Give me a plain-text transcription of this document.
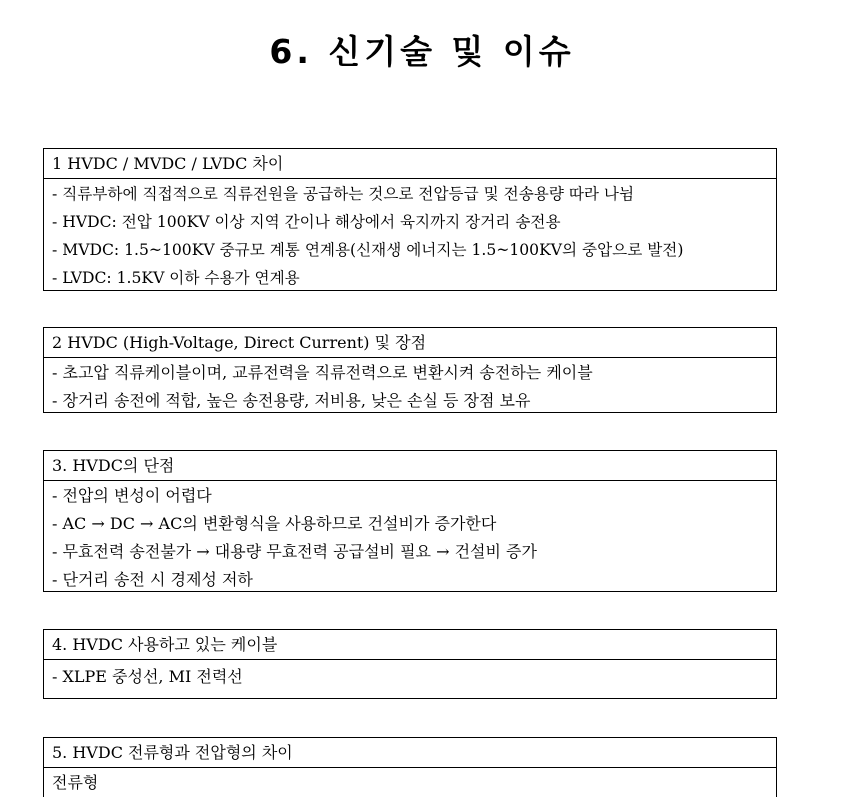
6. 신기술 및 이슈
1 HVDC / MVDC / LVDC 차이
- 직류부하에 직접적으로 직류전원을 공급하는 것으로 전압등급 및 전송용량 따라 나뉨
- HVDC: 전압 100KV 이상 지역 간이나 해상에서 육지까지 장거리 송전용
- MVDC: 1.5~100KV 중규모 계통 연계용(신재생 에너지는 1.5~100KV의 중압으로 발전)
- LVDC: 1.5KV 이하 수용가 연계용
2 HVDC (High-Voltage, Direct Current) 및 장점
- 초고압 직류케이블이며, 교류전력을 직류전력으로 변환시켜 송전하는 케이블
- 장거리 송전에 적합, 높은 송전용량, 저비용, 낮은 손실 등 장점 보유
3. HVDC의 단점
- 전압의 변성이 어렵다
- AC → DC → AC의 변환형식을 사용하므로 건설비가 증가한다
- 무효전력 송전불가 → 대용량 무효전력 공급설비 필요 → 건설비 증가
- 단거리 송전 시 경제성 저하
4. HVDC 사용하고 있는 케이블
- XLPE 중성선, MI 전력선
5. HVDC 전류형과 전압형의 차이
전류형
